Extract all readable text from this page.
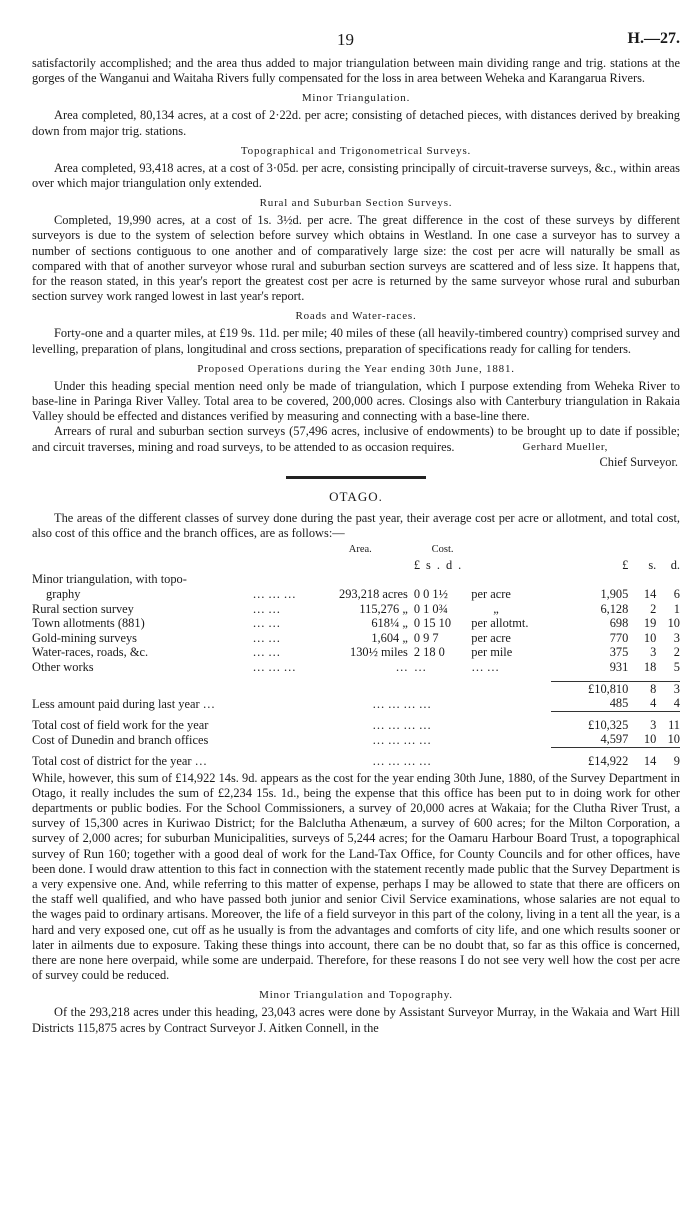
19	H.—27.

satisfactorily accomplished; and the area thus added to major triangulation between main dividing range and trig. stations at the gorges of the Wanganui and Waitaha Rivers fully compensated for the loss in area between Weheka and Karangarua Rivers.

Minor Triangulation.

Area completed, 80,134 acres, at a cost of 2·22d. per acre; consisting of detached pieces, with distances derived by breaking down from major trig. stations.

Topographical and Trigonometrical Surveys.

Area completed, 93,418 acres, at a cost of 3·05d. per acre, consisting principally of circuit-traverse surveys, &c., within areas over which major triangulation only extended.

Rural and Suburban Section Surveys.

Completed, 19,990 acres, at a cost of 1s. 3½d. per acre. The great difference in the cost of these surveys by different surveyors is due to the system of selection before survey which obtains in Westland. In one case a surveyor has to survey a number of sections contiguous to one another and of comparatively large size: the cost per acre will naturally be small as compared with that of another surveyor whose rural and suburban section surveys are scattered and of less size. It happens that, for the reason stated, in this year's report the greatest cost per acre is returned by the same surveyor whose rural and suburban section survey work ranged lowest in last year's report.

Roads and Water-races.

Forty-one and a quarter miles, at £19 9s. 11d. per mile; 40 miles of these (all heavily-timbered country) comprised survey and levelling, preparation of plans, longitudinal and cross sections, preparation of specifications ready for calling for tenders.

Proposed Operations during the Year ending 30th June, 1881.

Under this heading special mention need only be made of triangulation, which I purpose extending from Weheka River to base-line in Paringa River Valley. Total area to be covered, 200,000 acres. Closings also with Canterbury triangulation in Rakaia Valley should be effected and distances verified by measuring and connecting with a base-line there.

Arrears of rural and suburban section surveys (57,496 acres, inclusive of endowments) to be brought up to date if possible; and circuit traverses, mining and road surveys, to be attended to as occasion requires.	Gerhard Mueller,
Chief Surveyor.
OTAGO.

The areas of the different classes of survey done during the past year, their average cost per acre or allotment, and total cost, also cost of this office and the branch offices, are as follows:—

		Area.	Cost.				
			£s.d.		£	s.	d.
Minor triangulation, with topo-							
graphy	… … …	293,218 acres	0 0 1½	per acre	1,905	14	6
Rural section survey	… …	115,276 „	0 1 0¾	„	6,128	2	1
Town allotments (881)	… …	618¼ „	0 15 10	per allotmt.	698	19	10
Gold-mining surveys	… …	1,604 „	0 9 7	per acre	770	10	3
Water-races, roads, &c.	… …	130½ miles	2 18 0	per mile	375	3	2
Other works	… … …	…	…	… …	931	18	5

					£10,810	8	3
Less amount paid during last year …	… … … …				485	4	4

Total cost of field work for the year	… … … …				£10,325	3	11
Cost of Dunedin and branch offices	… … … …				4,597	10	10

Total cost of district for the year …	… … … …				£14,922	14	9

While, however, this sum of £14,922 14s. 9d. appears as the cost for the year ending 30th June, 1880, of the Survey Department in Otago, it really includes the sum of £2,234 15s. 1d., being the expense that this office has been put to in doing work for other departments or public bodies. For the School Commissioners, a survey of 20,000 acres at Wakaia; for the Clutha River Trust, a survey of 15,300 acres in Kuriwao District; for the Balclutha Athenæum, a survey of 600 acres; for the Milton Corporation, a survey of 2,000 acres; for suburban Municipalities, surveys of 5,244 acres; for the Oamaru Harbour Board Trust, a topographical survey of Run 160; together with a good deal of work for the Land-Tax Office, for County Councils and for other offices, have been done. I would draw attention to this fact in connection with the statement recently made public that the Survey Department is a very expensive one. And, while referring to this matter of expense, perhaps I may be allowed to state that there are officers on the staff well qualified, and who have passed both junior and senior Civil Service examinations, whose salaries are not equal to the wages paid to ordinary artisans. Moreover, the life of a field surveyor in this part of the colony, living in a tent all the year, is a hard and very exposed one, cut off as he usually is from the advantages and comforts of city life, and one which results sooner or later in ailments due to exposure. Taking these things into account, there can be no doubt that, so far as this office is concerned, there are none here overpaid, while some are underpaid. Therefore, for these reasons I do not see very well how the cost per acre of survey could be reduced.

Minor Triangulation and Topography.

Of the 293,218 acres under this heading, 23,043 acres were done by Assistant Surveyor Murray, in the Wakaia and Wart Hill Districts 115,875 acres by Contract Surveyor J. Aitken Connell, in the
